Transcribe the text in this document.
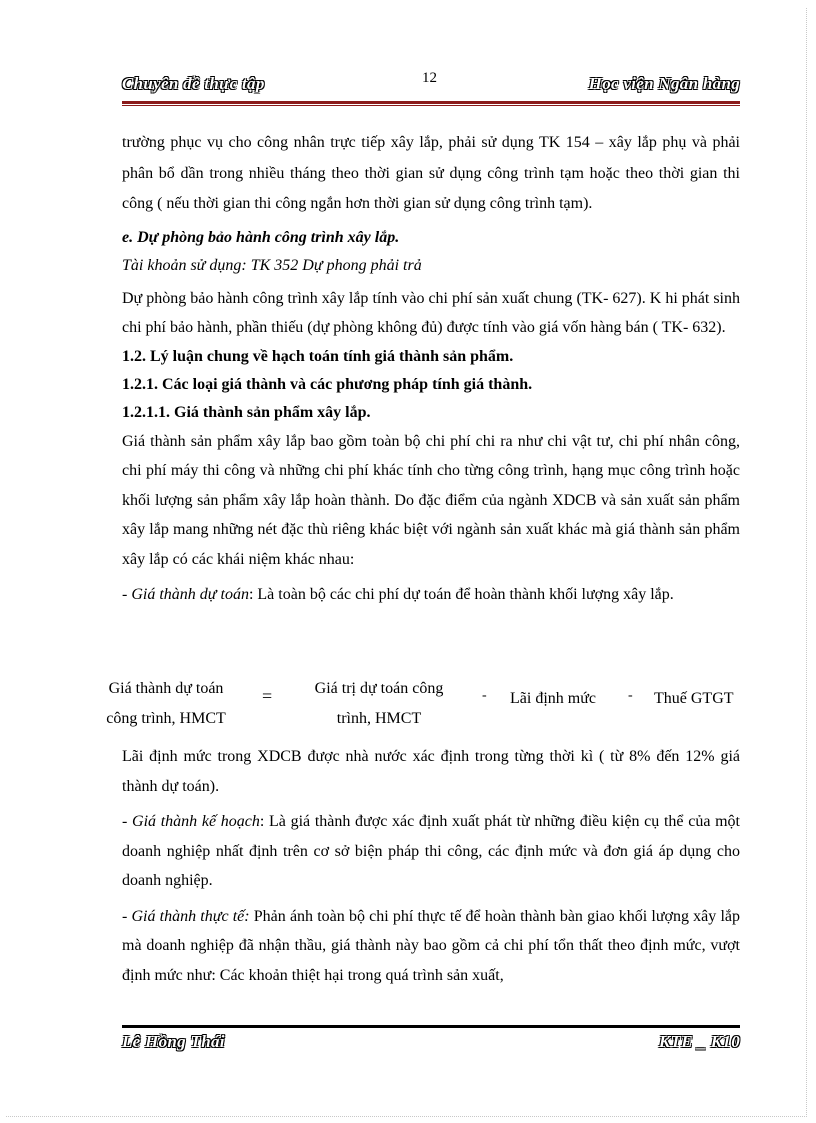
Chuyên đề thực tập	12	Học viện Ngân hàng

trường phục vụ cho công nhân trực tiếp xây lắp, phải sử dụng TK 154 – xây lắp phụ và phải phân bổ dần trong nhiều tháng theo thời gian sử dụng công trình tạm hoặc theo thời gian thi công ( nếu thời gian thi công ngắn hơn thời gian sử dụng công trình tạm).

e. Dự phòng bảo hành công trình xây lắp.

Tài khoản sử dụng: TK 352 Dự phong phải trả

Dự phòng bảo hành công trình xây lắp tính vào chi phí sản xuất chung (TK- 627). K hi phát sinh chi phí bảo hành, phần thiếu (dự phòng không đủ) được tính vào giá vốn hàng bán ( TK- 632).

1.2. Lý luận chung về hạch toán tính giá thành sản phẩm.

1.2.1. Các loại giá thành và các phương pháp tính giá thành.

1.2.1.1. Giá thành sản phẩm xây lắp.

Giá thành sản phẩm xây lắp bao gồm toàn bộ chi phí chi ra như chi vật tư, chi phí nhân công, chi phí máy thi công và những chi phí khác tính cho từng công trình, hạng mục công trình hoặc khối lượng sản phẩm xây lắp hoàn thành. Do đặc điểm của ngành XDCB và sản xuất sản phẩm xây lắp mang những nét đặc thù riêng khác biệt với ngành sản xuất khác mà giá thành sản phẩm xây lắp có các khái niệm khác nhau:

- Giá thành dự toán: Là toàn bộ các chi phí dự toán để hoàn thành khối lượng xây lắp.

Giá thành dự toán
công trình, HMCT
=	Giá trị dự toán công
trình, HMCT
- Lãi định mức - Thuế GTGT

Lãi định mức trong XDCB được nhà nước xác định trong từng thời kì ( từ 8% đến 12% giá thành dự toán).

- Giá thành kế hoạch: Là giá thành được xác định xuất phát từ những điều kiện cụ thể của một doanh nghiệp nhất định trên cơ sở biện pháp thi công, các định mức và đơn giá áp dụng cho doanh nghiệp.

- Giá thành thực tế: Phản ánh toàn bộ chi phí thực tế để hoàn thành bàn giao khối lượng xây lắp mà doanh nghiệp đã nhận thầu, giá thành này bao gồm cả chi phí tổn thất theo định mức, vượt định mức như: Các khoản thiệt hại trong quá trình sản xuất,

Lê Hồng Thái	KTE _ K10
